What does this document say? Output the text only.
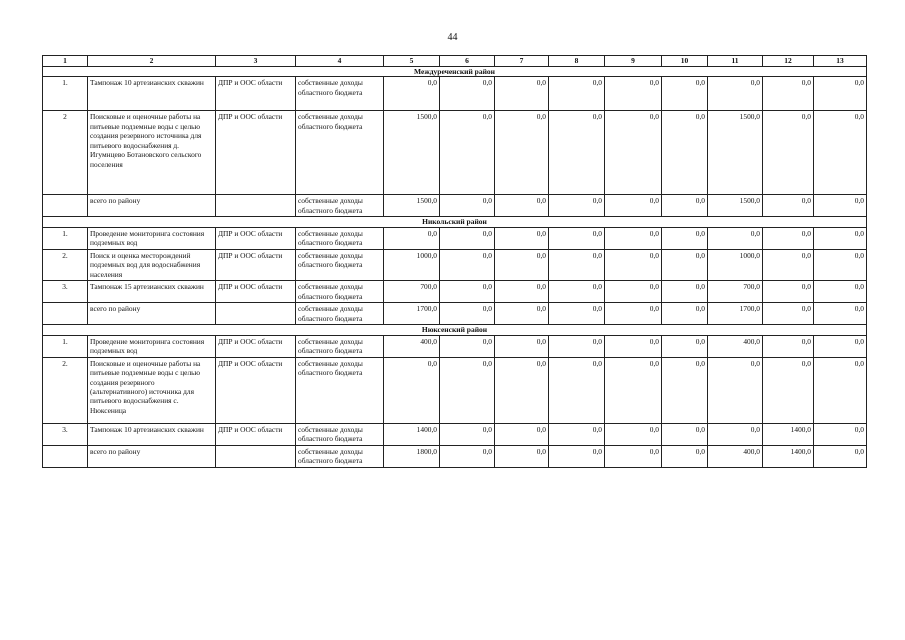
44
1	2	3	4	5	6	7	8	9	10	11	12	13
Междуреченский район												
1.	Тампонаж 10 артезианских скважин	ДПР и ООС области	собственные доходы областного бюджета	0,0	0,0	0,0	0,0	0,0	0,0	0,0	0,0	0,0
2	Поисковые и оценочные работы на питьевые подземные воды с целью создания резервного источника для питьевого водоснабжения д. Игумнцево Ботановского сельского поселения	ДПР и ООС области	собственные доходы областного бюджета	1500,0	0,0	0,0	0,0	0,0	0,0	1500,0	0,0	0,0
	всего по району		собственные доходы областного бюджета	1500,0	0,0	0,0	0,0	0,0	0,0	1500,0	0,0	0,0
Никольский район												
1.	Проведение мониторинга состояния подземных вод	ДПР и ООС области	собственные доходы областного бюджета	0,0	0,0	0,0	0,0	0,0	0,0	0,0	0,0	0,0
2.	Поиск и оценка месторождений подземных вод для водоснабжения населения	ДПР и ООС области	собственные доходы областного бюджета	1000,0	0,0	0,0	0,0	0,0	0,0	1000,0	0,0	0,0
3.	Тампонаж 15 артезианских скважин	ДПР и ООС области	собственные доходы областного бюджета	700,0	0,0	0,0	0,0	0,0	0,0	700,0	0,0	0,0
	всего по району		собственные доходы областного бюджета	1700,0	0,0	0,0	0,0	0,0	0,0	1700,0	0,0	0,0
Нюксенский район												
1.	Проведение мониторинга состояния подземных вод	ДПР и ООС области	собственные доходы областного бюджета	400,0	0,0	0,0	0,0	0,0	0,0	400,0	0,0	0,0
2.	Поисковые и оценочные работы на питьевые подземные воды с целью создания резервного (альтернативного) источника для питьевого водоснабжения с. Нюксеница	ДПР и ООС области	собственные доходы областного бюджета	0,0	0,0	0,0	0,0	0,0	0,0	0,0	0,0	0,0
3.	Тампонаж 10 артезианских скважин	ДПР и ООС области	собственные доходы областного бюджета	1400,0	0,0	0,0	0,0	0,0	0,0	0,0	1400,0	0,0
	всего по району		собственные доходы областного бюджета	1800,0	0,0	0,0	0,0	0,0	0,0	400,0	1400,0	0,0
